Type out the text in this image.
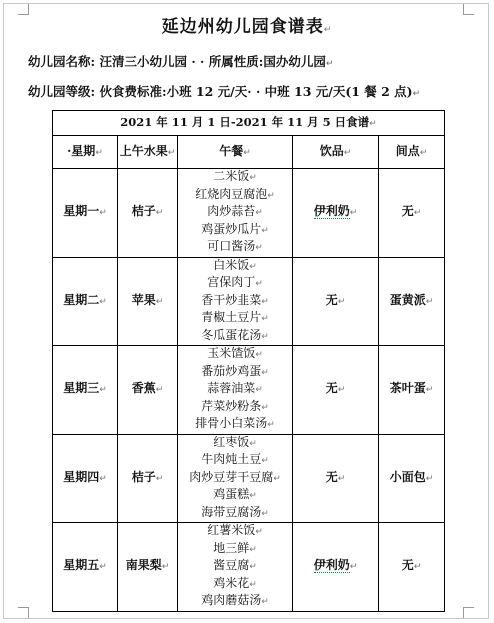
延边州幼儿园食谱表↵
幼儿园名称: 汪清三小幼儿园 · · 所属性质:国办幼儿园↵
幼儿园等级: 伙食费标准:小班 12 元/天· · 中班 13 元/天(1 餐 2 点)↵
2021 年 11 月 1 日-2021 年 11 月 5 日食谱↵				
·星期↵	上午水果↵	午餐↵	饮品↵	间点↵
星期一↵	桔子↵	二米饭↵
红烧肉豆腐泡↵
肉炒蒜苔↵
鸡蛋炒瓜片↵
可口酱汤↵	伊利奶↵	无↵
星期二↵	苹果↵	白米饭↵
宫保肉丁↵
香干炒韭菜↵
青椒土豆片↵
冬瓜蛋花汤↵	无↵	蛋黄派↵
星期三↵	香蕉↵	玉米馇饭↵
番茄炒鸡蛋↵
蒜蓉油菜↵
芹菜炒粉条↵
排骨小白菜汤↵	无↵	茶叶蛋↵
星期四↵	桔子↵	红枣饭↵
牛肉炖土豆↵
肉炒豆芽干豆腐↵
鸡蛋糕↵
海带豆腐汤↵	无↵	小面包↵
星期五↵	南果梨↵	红薯米饭↵
地三鲜↵
酱豆腐↵
鸡米花↵
鸡肉蘑菇汤↵	伊利奶↵	无↵
